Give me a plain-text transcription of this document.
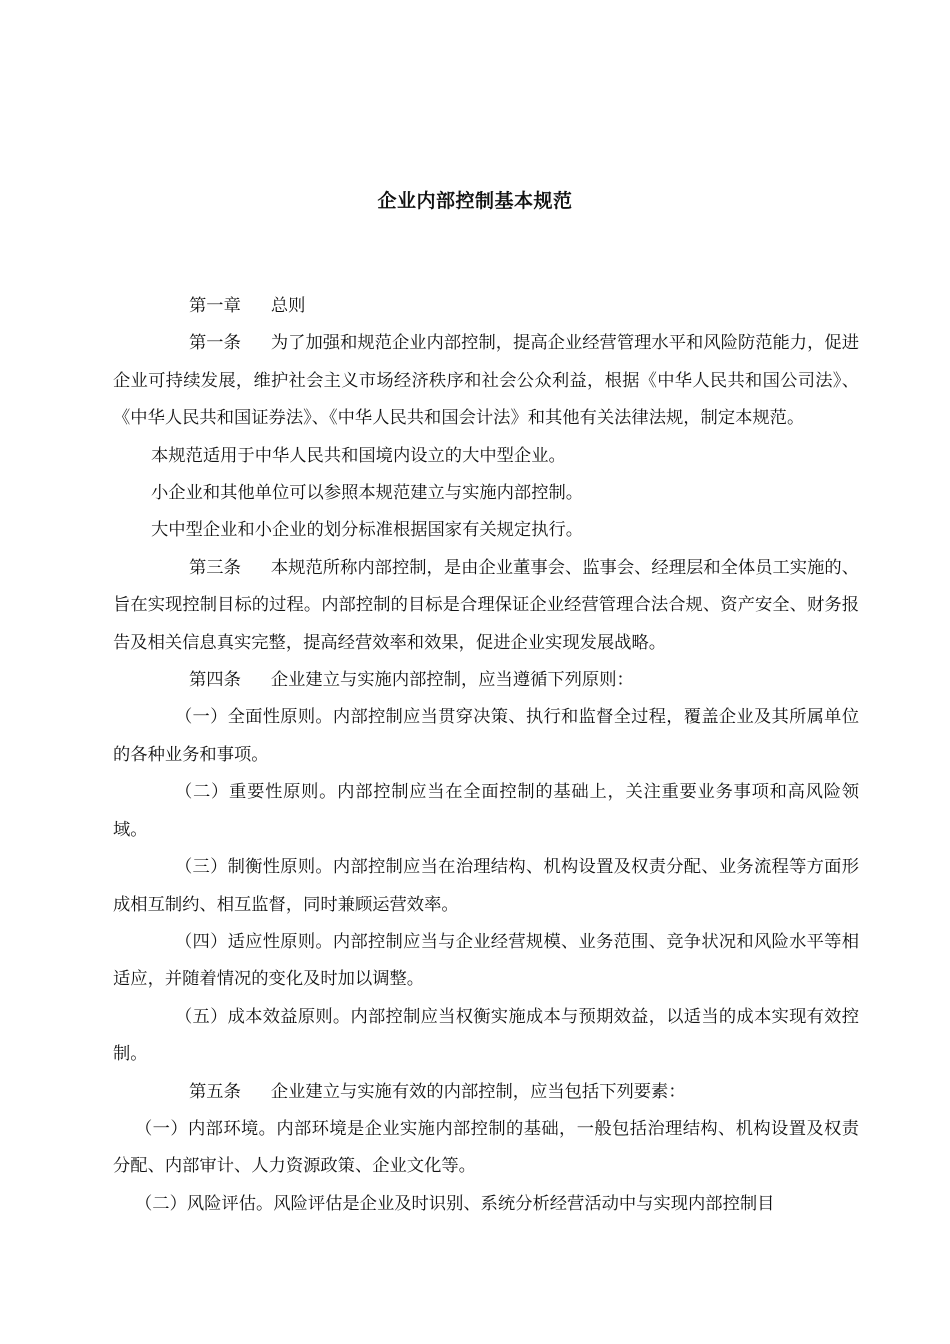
企业内部控制基本规范

第一章 总则

第一条 为了加强和规范企业内部控制，提高企业经营管理水平和风险防范能力，促进企业可持续发展，维护社会主义市场经济秩序和社会公众利益，根据《中华人民共和国公司法》、《中华人民共和国证券法》、《中华人民共和国会计法》和其他有关法律法规，制定本规范。

本规范适用于中华人民共和国境内设立的大中型企业。

小企业和其他单位可以参照本规范建立与实施内部控制。

大中型企业和小企业的划分标准根据国家有关规定执行。

第三条 本规范所称内部控制，是由企业董事会、监事会、经理层和全体员工实施的、旨在实现控制目标的过程。内部控制的目标是合理保证企业经营管理合法合规、资产安全、财务报告及相关信息真实完整，提高经营效率和效果，促进企业实现发展战略。

第四条 企业建立与实施内部控制，应当遵循下列原则：

（一）全面性原则。内部控制应当贯穿决策、执行和监督全过程，覆盖企业及其所属单位的各种业务和事项。

（二）重要性原则。内部控制应当在全面控制的基础上，关注重要业务事项和高风险领域。

（三）制衡性原则。内部控制应当在治理结构、机构设置及权责分配、业务流程等方面形成相互制约、相互监督，同时兼顾运营效率。

（四）适应性原则。内部控制应当与企业经营规模、业务范围、竞争状况和风险水平等相适应，并随着情况的变化及时加以调整。

（五）成本效益原则。内部控制应当权衡实施成本与预期效益，以适当的成本实现有效控制。

第五条 企业建立与实施有效的内部控制，应当包括下列要素：

（一）内部环境。内部环境是企业实施内部控制的基础，一般包括治理结构、机构设置及权责分配、内部审计、人力资源政策、企业文化等。

（二）风险评估。风险评估是企业及时识别、系统分析经营活动中与实现内部控制目
